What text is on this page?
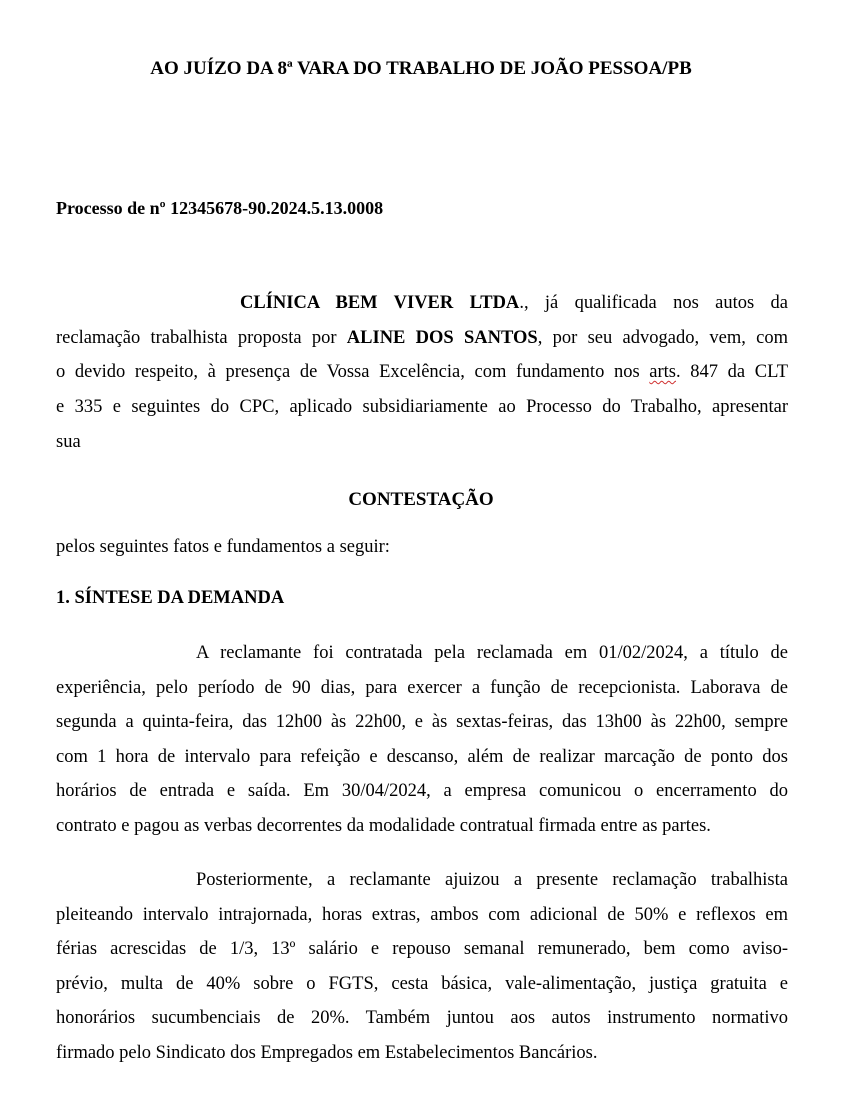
AO JUÍZO DA 8ª VARA DO TRABALHO DE JOÃO PESSOA/PB
Processo de nº 12345678-90.2024.5.13.0008
CLÍNICA BEM VIVER LTDA., já qualificada nos autos da
reclamação trabalhista proposta por ALINE DOS SANTOS, por seu advogado, vem, com
o devido respeito, à presença de Vossa Excelência, com fundamento nos arts. 847 da CLT
e 335 e seguintes do CPC, aplicado subsidiariamente ao Processo do Trabalho, apresentar
sua
CONTESTAÇÃO
pelos seguintes fatos e fundamentos a seguir:
1. SÍNTESE DA DEMANDA
A reclamante foi contratada pela reclamada em 01/02/2024, a título de
experiência, pelo período de 90 dias, para exercer a função de recepcionista. Laborava de
segunda a quinta-feira, das 12h00 às 22h00, e às sextas-feiras, das 13h00 às 22h00, sempre
com 1 hora de intervalo para refeição e descanso, além de realizar marcação de ponto dos
horários de entrada e saída. Em 30/04/2024, a empresa comunicou o encerramento do
contrato e pagou as verbas decorrentes da modalidade contratual firmada entre as partes.
Posteriormente, a reclamante ajuizou a presente reclamação trabalhista
pleiteando intervalo intrajornada, horas extras, ambos com adicional de 50% e reflexos em
férias acrescidas de 1/3, 13º salário e repouso semanal remunerado, bem como aviso-
prévio, multa de 40% sobre o FGTS, cesta básica, vale-alimentação, justiça gratuita e
honorários sucumbenciais de 20%. Também juntou aos autos instrumento normativo
firmado pelo Sindicato dos Empregados em Estabelecimentos Bancários.
